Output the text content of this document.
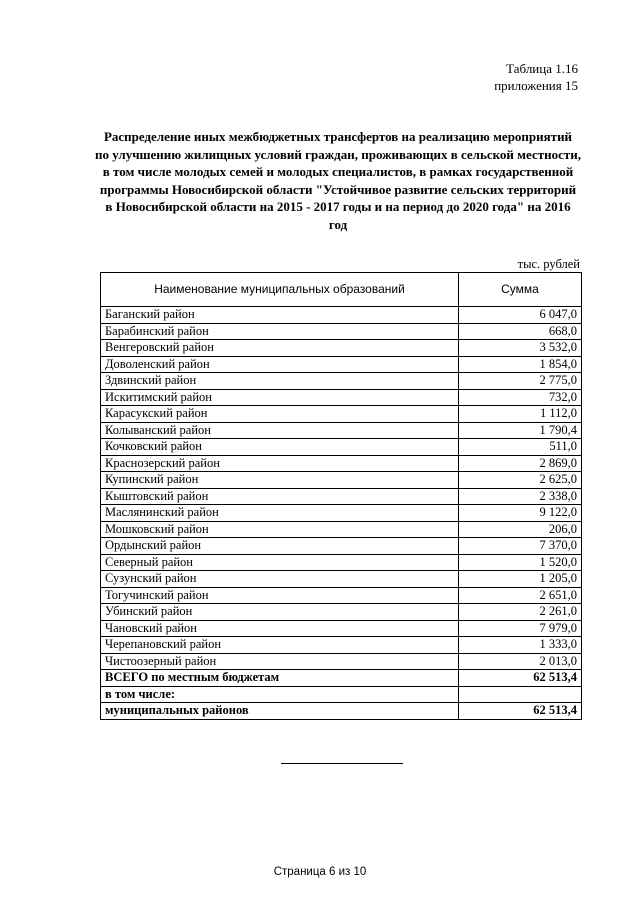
Таблица 1.16
приложения 15
Распределение иных межбюджетных трансфертов на реализацию мероприятий
по улучшению жилищных условий граждан, проживающих в сельской местности,
в том числе молодых семей и молодых специалистов, в рамках государственной
программы Новосибирской области "Устойчивое развитие сельских территорий
в Новосибирской области на 2015 - 2017 годы и на период до 2020 года" на 2016
год
тыс. рублей
Наименование муниципальных образований	Сумма
Баганский район	6 047,0
Барабинский район	668,0
Венгеровский район	3 532,0
Доволенский район	1 854,0
Здвинский район	2 775,0
Искитимский район	732,0
Карасукский район	1 112,0
Колыванский район	1 790,4
Кочковский район	511,0
Краснозерский район	2 869,0
Купинский район	2 625,0
Кыштовский район	2 338,0
Маслянинский район	9 122,0
Мошковский район	206,0
Ордынский район	7 370,0
Северный район	1 520,0
Сузунский район	1 205,0
Тогучинский район	2 651,0
Убинский район	2 261,0
Чановский район	7 979,0
Черепановский район	1 333,0
Чистоозерный район	2 013,0
ВСЕГО по местным бюджетам	62 513,4
в том числе:	
муниципальных районов	62 513,4
Страница 6 из 10
